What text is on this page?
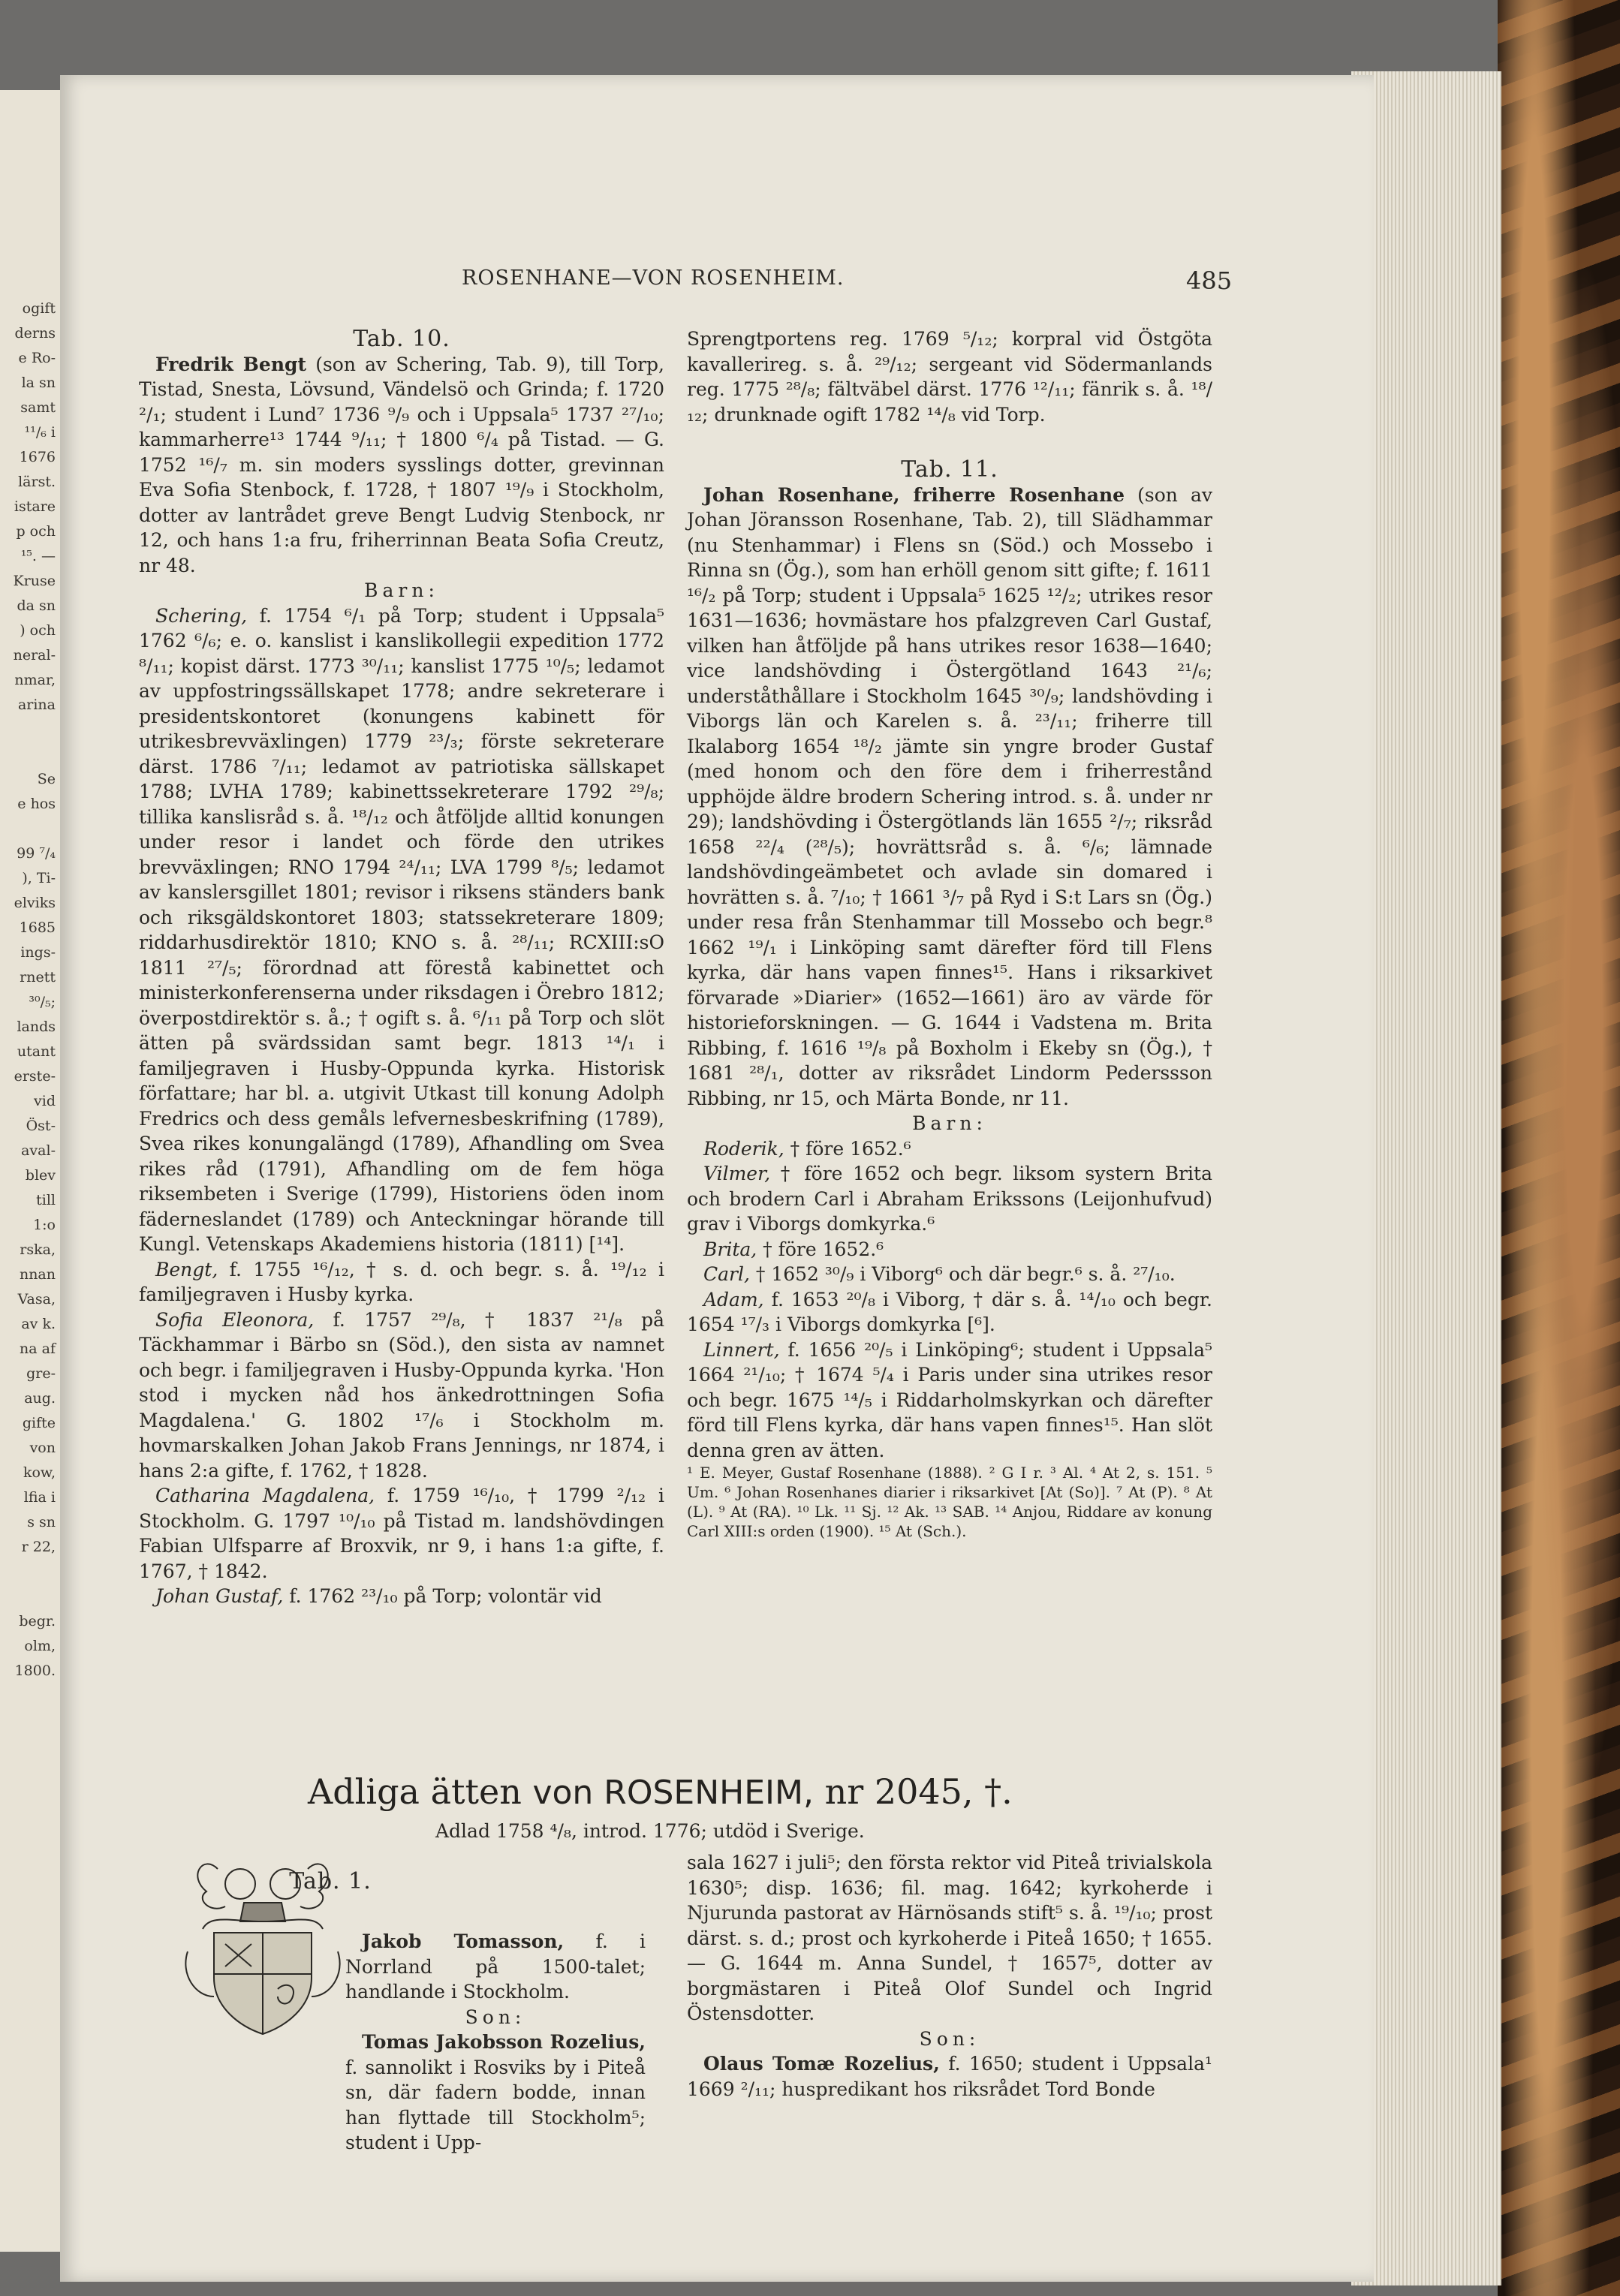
ogift
derns
e Ro-
la sn
samt
¹¹/₆ i
1676
lärst.
istare
p och
¹⁵. —
Kruse
da sn
) och
neral-
nmar,
arina
Se
e hos
99 ⁷/₄
), Ti-
elviks
1685
ings-
rnett
³⁰/₅;
lands
utant
erste-
vid
Öst-
aval-
blev
till
1:o
rska,
nnan
Vasa,
av k.
na af
gre-
aug.
gifte
von
kow,
lfia i
s sn
r 22,
begr.
olm,
1800.
ROSENHANE—VON ROSENHEIM.	485

Tab. 10.

Fredrik Bengt (son av Schering, Tab. 9), till Torp, Tistad, Snesta, Lövsund, Vändelsö och Grinda; f. 1720 ²/₁; student i Lund⁷ 1736 ⁹/₉ och i Uppsala⁵ 1737 ²⁷/₁₀; kammarherre¹³ 1744 ⁹/₁₁; † 1800 ⁶/₄ på Tistad. — G. 1752 ¹⁶/₇ m. sin moders sysslings dotter, grevinnan Eva Sofia Stenbock, f. 1728, † 1807 ¹⁹/₉ i Stockholm, dotter av lantrådet greve Bengt Ludvig Stenbock, nr 12, och hans 1:a fru, friherrinnan Beata Sofia Creutz, nr 48.

Barn:

Schering, f. 1754 ⁶/₁ på Torp; student i Uppsala⁵ 1762 ⁶/₆; e. o. kanslist i kanslikollegii expedition 1772 ⁸/₁₁; kopist därst. 1773 ³⁰/₁₁; kanslist 1775 ¹⁰/₅; ledamot av uppfostringssällskapet 1778; andre sekreterare i presidentskontoret (konungens kabinett för utrikesbrevväxlingen) 1779 ²³/₃; förste sekreterare därst. 1786 ⁷/₁₁; ledamot av patriotiska sällskapet 1788; LVHA 1789; kabinettssekreterare 1792 ²⁹/₈; tillika kanslisråd s. å. ¹⁸/₁₂ och åtföljde alltid konungen under resor i landet och förde den utrikes brevväxlingen; RNO 1794 ²⁴/₁₁; LVA 1799 ⁸/₅; ledamot av kanslersgillet 1801; revisor i riksens ständers bank och riksgäldskontoret 1803; statssekreterare 1809; riddarhusdirektör 1810; KNO s. å. ²⁸/₁₁; RCXIII:sO 1811 ²⁷/₅; förordnad att förestå kabinettet och ministerkonferenserna under riksdagen i Örebro 1812; överpostdirektör s. å.; † ogift s. å. ⁶/₁₁ på Torp och slöt ätten på svärdssidan samt begr. 1813 ¹⁴/₁ i familjegraven i Husby-Oppunda kyrka. Historisk författare; har bl. a. utgivit Utkast till konung Adolph Fredrics och dess gemåls lefvernesbeskrifning (1789), Svea rikes konungalängd (1789), Afhandling om Svea rikes råd (1791), Afhandling om de fem höga riksembeten i Sverige (1799), Historiens öden inom fäderneslandet (1789) och Anteckningar hörande till Kungl. Vetenskaps Akademiens historia (1811) [¹⁴].

Bengt, f. 1755 ¹⁶/₁₂, † s. d. och begr. s. å. ¹⁹/₁₂ i familjegraven i Husby kyrka.

Sofia Eleonora, f. 1757 ²⁹/₈, † 1837 ²¹/₈ på Täckhammar i Bärbo sn (Söd.), den sista av namnet och begr. i familjegraven i Husby-Oppunda kyrka. 'Hon stod i mycken nåd hos änkedrottningen Sofia Magdalena.' G. 1802 ¹⁷/₆ i Stockholm m. hovmarskalken Johan Jakob Frans Jennings, nr 1874, i hans 2:a gifte, f. 1762, † 1828.

Catharina Magdalena, f. 1759 ¹⁶/₁₀, † 1799 ²/₁₂ i Stockholm. G. 1797 ¹⁰/₁₀ på Tistad m. landshövdingen Fabian Ulfsparre af Broxvik, nr 9, i hans 1:a gifte, f. 1767, † 1842.

Johan Gustaf, f. 1762 ²³/₁₀ på Torp; volontär vid

Sprengtportens reg. 1769 ⁵/₁₂; korpral vid Östgöta kavallerireg. s. å. ²⁹/₁₂; sergeant vid Södermanlands reg. 1775 ²⁸/₈; fältväbel därst. 1776 ¹²/₁₁; fänrik s. å. ¹⁸/₁₂; drunknade ogift 1782 ¹⁴/₈ vid Torp.

Tab. 11.

Johan Rosenhane, friherre Rosenhane (son av Johan Jöransson Rosenhane, Tab. 2), till Slädhammar (nu Stenhammar) i Flens sn (Söd.) och Mossebo i Rinna sn (Ög.), som han erhöll genom sitt gifte; f. 1611 ¹⁶/₂ på Torp; student i Uppsala⁵ 1625 ¹²/₂; utrikes resor 1631—1636; hovmästare hos pfalzgreven Carl Gustaf, vilken han åtföljde på hans utrikes resor 1638—1640; vice landshövding i Östergötland 1643 ²¹/₆; underståthållare i Stockholm 1645 ³⁰/₉; landshövding i Viborgs län och Karelen s. å. ²³/₁₁; friherre till Ikalaborg 1654 ¹⁸/₂ jämte sin yngre broder Gustaf (med honom och den före dem i friherrestånd upphöjde äldre brodern Schering introd. s. å. under nr 29); landshövding i Östergötlands län 1655 ²/₇; riksråd 1658 ²²/₄ (²⁸/₅); hovrättsråd s. å. ⁶/₆; lämnade landshövdingeämbetet och avlade sin domared i hovrätten s. å. ⁷/₁₀; † 1661 ³/₇ på Ryd i S:t Lars sn (Ög.) under resa från Stenhammar till Mossebo och begr.⁸ 1662 ¹⁹/₁ i Linköping samt därefter förd till Flens kyrka, där hans vapen finnes¹⁵. Hans i riksarkivet förvarade »Diarier» (1652—1661) äro av värde för historieforskningen. — G. 1644 i Vadstena m. Brita Ribbing, f. 1616 ¹⁹/₈ på Boxholm i Ekeby sn (Ög.), † 1681 ²⁸/₁, dotter av riksrådet Lindorm Pederssson Ribbing, nr 15, och Märta Bonde, nr 11.

Barn:

Roderik, † före 1652.⁶

Vilmer, † före 1652 och begr. liksom systern Brita och brodern Carl i Abraham Erikssons (Leijonhufvud) grav i Viborgs domkyrka.⁶

Brita, † före 1652.⁶

Carl, † 1652 ³⁰/₉ i Viborg⁶ och där begr.⁶ s. å. ²⁷/₁₀.

Adam, f. 1653 ²⁰/₈ i Viborg, † där s. å. ¹⁴/₁₀ och begr. 1654 ¹⁷/₃ i Viborgs domkyrka [⁶].

Linnert, f. 1656 ²⁰/₅ i Linköping⁶; student i Uppsala⁵ 1664 ²¹/₁₀; † 1674 ⁵/₄ i Paris under sina utrikes resor och begr. 1675 ¹⁴/₅ i Riddarholmskyrkan och därefter förd till Flens kyrka, där hans vapen finnes¹⁵. Han slöt denna gren av ätten.

¹ E. Meyer, Gustaf Rosenhane (1888). ² G I r. ³ Al. ⁴ At 2, s. 151. ⁵ Um. ⁶ Johan Rosenhanes diarier i riksarkivet [At (So)]. ⁷ At (P). ⁸ At (L). ⁹ At (RA). ¹⁰ Lk. ¹¹ Sj. ¹² Ak. ¹³ SAB. ¹⁴ Anjou, Riddare av konung Carl XIII:s orden (1900). ¹⁵ At (Sch.).

Adliga ätten von ROSENHEIM, nr 2045, †.
Adlad 1758 ⁴/₈, introd. 1776; utdöd i Sverige.

Tab. 1.

Jakob Tomasson, f. i Norrland på 1500-talet; handlande i Stockholm.

Son:

Tomas Jakobsson Rozelius, f. sannolikt i Rosviks by i Piteå sn, där fadern bodde, innan han flyttade till Stockholm⁵; student i Upp-

sala 1627 i juli⁵; den första rektor vid Piteå trivialskola 1630⁵; disp. 1636; fil. mag. 1642; kyrkoherde i Njurunda pastorat av Härnösands stift⁵ s. å. ¹⁹/₁₀; prost därst. s. d.; prost och kyrkoherde i Piteå 1650; † 1655. — G. 1644 m. Anna Sundel, † 1657⁵, dotter av borgmästaren i Piteå Olof Sundel och Ingrid Östensdotter.

Son:

Olaus Tomæ Rozelius, f. 1650; student i Uppsala¹ 1669 ²/₁₁; huspredikant hos riksrådet Tord Bonde
